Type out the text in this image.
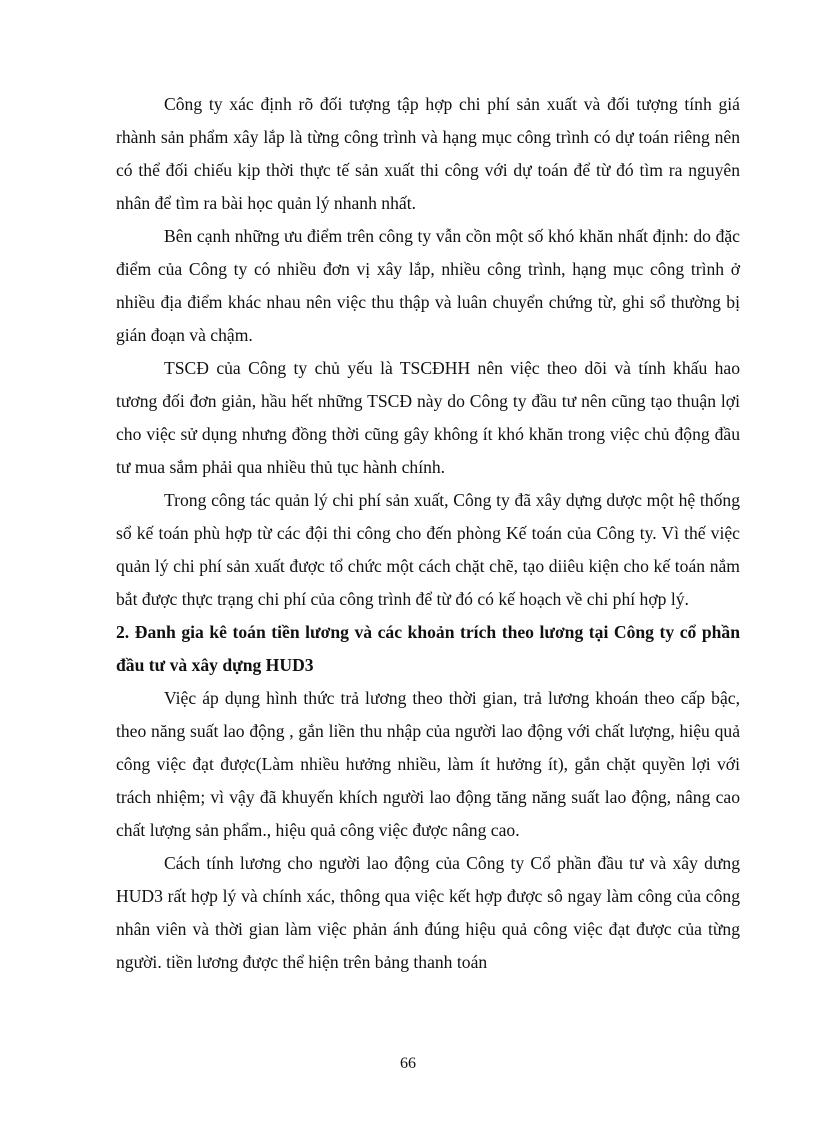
Công ty xác định rõ đối tượng tập hợp chi phí sản xuất và đối tượng tính giá rhành sản phẩm xây lắp là từng công trình và hạng mục công trình có dự toán riêng nên có thể đối chiếu kịp thời thực tế sản xuất thi công với dự toán để từ đó tìm ra nguyên nhân để tìm ra bài học quản lý nhanh nhất.

Bên cạnh những ưu điểm trên công ty vẫn cồn một số khó khăn nhất định: do đặc điểm của Công ty có nhiều đơn vị xây lắp, nhiều công trình, hạng mục công trình ở nhiều địa điểm khác nhau nên việc thu thập và luân chuyển chứng từ, ghi sổ thường bị gián đoạn và chậm.

TSCĐ của Công ty chủ yếu là TSCĐHH nên việc theo dõi và tính khấu hao tương đối đơn giản, hầu hết những TSCĐ này do Công ty đầu tư nên cũng tạo thuận lợi cho việc sử dụng nhưng đồng thời cũng gây không ít khó khăn trong việc chủ động đầu tư mua sắm phải qua nhiều thủ tục hành chính.

Trong công tác quản lý chi phí sản xuất, Công ty đã xây dựng dược một hệ thống sổ kế toán phù hợp từ các đội thi công cho đến phòng Kế toán của Công ty. Vì thế việc quản lý chi phí sản xuất được tổ chức một cách chặt chẽ, tạo diiêu kiện cho kế toán nắm bắt được thực trạng chi phí của công trình để từ đó có kế hoạch về chi phí hợp lý.

2. Đanh gia kê toán tiền lương và các khoản trích theo lương tại Công ty cổ phần đầu tư và xây dựng HUD3

Việc áp dụng hình thức trả lương theo thời gian, trả lương khoán theo cấp bậc, theo năng suất lao động , gắn liền thu nhập của người lao động với chất lượng, hiệu quả công việc đạt được(Làm nhiều hưởng nhiều, làm ít hưởng ít), gắn chặt quyền lợi với trách nhiệm; vì vậy đã khuyến khích người lao động tăng năng suất lao động, nâng cao chất lượng sản phẩm., hiệu quả công việc được nâng cao.

Cách tính lương cho người lao động của Công ty Cổ phần đầu tư và xây dưng HUD3 rất hợp lý và chính xác, thông qua việc kết hợp được sô ngay làm công của công nhân viên và thời gian làm việc phản ánh đúng hiệu quả công việc đạt được của từng người. tiền lương được thể hiện trên bảng thanh toán

66
